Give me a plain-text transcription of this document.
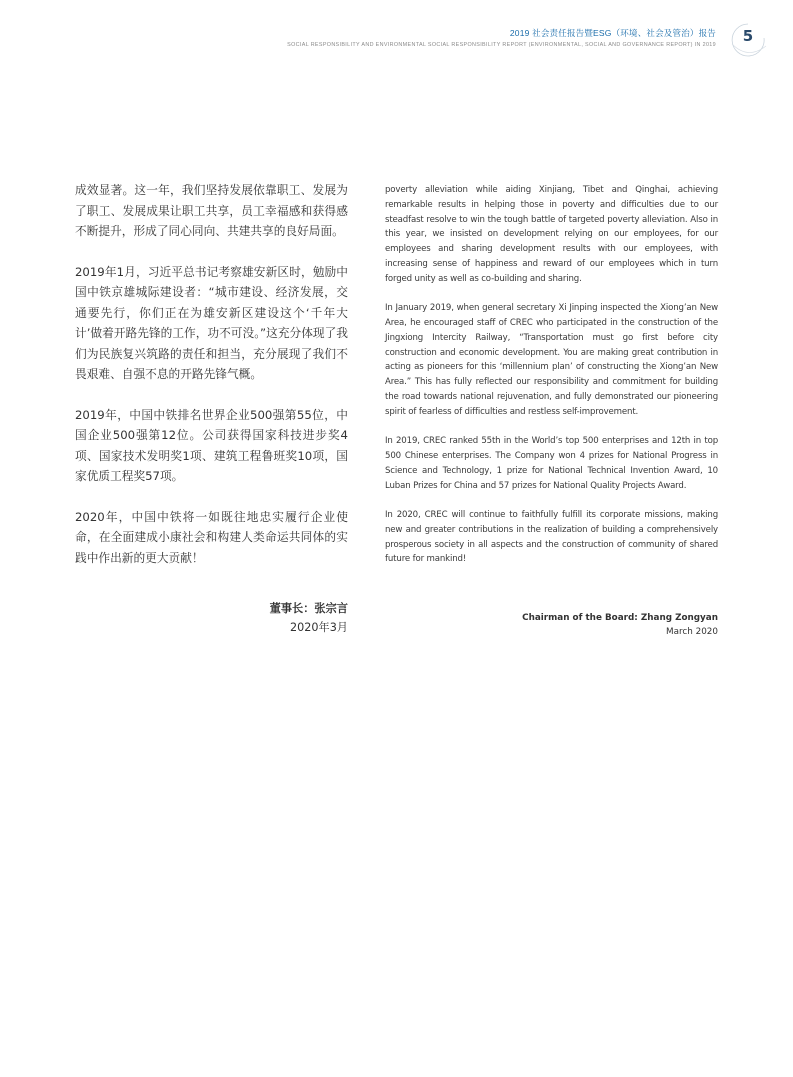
2019 社会责任报告暨ESG（环境、社会及管治）报告
SOCIAL RESPONSIBILITY AND ENVIRONMENTAL SOCIAL RESPONSIBILITY REPORT (ENVIRONMENTAL, SOCIAL AND GOVERNANCE REPORT) IN 2019	5

成效显著。这一年，我们坚持发展依靠职工、发展为了职工、发展成果让职工共享，员工幸福感和获得感不断提升，形成了同心同向、共建共享的良好局面。

2019年1月，习近平总书记考察雄安新区时，勉励中国中铁京雄城际建设者：“城市建设、经济发展，交通要先行，你们正在为雄安新区建设这个‘千年大计’做着开路先锋的工作，功不可没。”这充分体现了我们为民族复兴筑路的责任和担当，充分展现了我们不畏艰难、自强不息的开路先锋气概。

2019年，中国中铁排名世界企业500强第55位，中国企业500强第12位。公司获得国家科技进步奖4项、国家技术发明奖1项、建筑工程鲁班奖10项，国家优质工程奖57项。

2020年，中国中铁将一如既往地忠实履行企业使命，在全面建成小康社会和构建人类命运共同体的实践中作出新的更大贡献！

董事长：张宗言
2020年3月

poverty alleviation while aiding Xinjiang, Tibet and Qinghai, achieving remarkable results in helping those in poverty and difficulties due to our steadfast resolve to win the tough battle of targeted poverty alleviation. Also in this year, we insisted on development relying on our employees, for our employees and sharing development results with our employees, with increasing sense of happiness and reward of our employees which in turn forged unity as well as co-building and sharing.

In January 2019, when general secretary Xi Jinping inspected the Xiong’an New Area, he encouraged staff of CREC who participated in the construction of the Jingxiong Intercity Railway, “Transportation must go first before city construction and economic development. You are making great contribution in acting as pioneers for this ‘millennium plan’ of constructing the Xiong’an New Area.” This has fully reflected our responsibility and commitment for building the road towards national rejuvenation, and fully demonstrated our pioneering spirit of fearless of difficulties and restless self-improvement.

In 2019, CREC ranked 55th in the World’s top 500 enterprises and 12th in top 500 Chinese enterprises. The Company won 4 prizes for National Progress in Science and Technology, 1 prize for National Technical Invention Award, 10 Luban Prizes for China and 57 prizes for National Quality Projects Award.

In 2020, CREC will continue to faithfully fulfill its corporate missions, making new and greater contributions in the realization of building a comprehensively prosperous society in all aspects and the construction of community of shared future for mankind!

Chairman of the Board: Zhang Zongyan
March 2020
